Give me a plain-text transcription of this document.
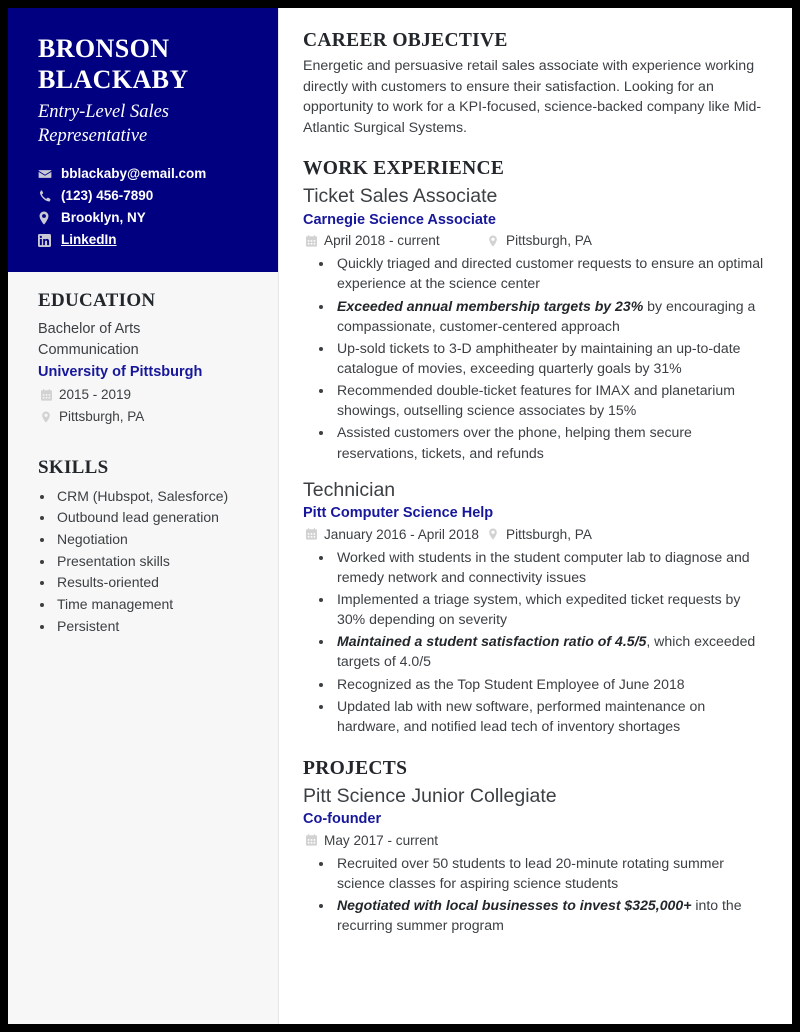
BRONSON
BLACKABY
Entry-Level Sales Representative
bblackaby@email.com
(123) 456-7890
Brooklyn, NY
LinkedIn
EDUCATION
Bachelor of Arts
Communication
University of Pittsburgh
2015 - 2019
Pittsburgh, PA
SKILLS
• CRM (Hubspot, Salesforce)
• Outbound lead generation
• Negotiation
• Presentation skills
• Results-oriented
• Time management
• Persistent
CAREER OBJECTIVE

Energetic and persuasive retail sales associate with experience working directly with customers to ensure their satisfaction. Looking for an opportunity to work for a KPI-focused, science-backed company like Mid-Atlantic Surgical Systems.

WORK EXPERIENCE
Ticket Sales Associate
Carnegie Science Associate
April 2018 - current	Pittsburgh, PA
• Quickly triaged and directed customer requests to ensure an optimal experience at the science center
• Exceeded annual membership targets by 23% by encouraging a compassionate, customer-centered approach
• Up-sold tickets to 3-D amphitheater by maintaining an up-to-date catalogue of movies, exceeding quarterly goals by 31%
• Recommended double-ticket features for IMAX and planetarium showings, outselling science associates by 15%
• Assisted customers over the phone, helping them secure reservations, tickets, and refunds
Technician
Pitt Computer Science Help
January 2016 - April 2018 Pittsburgh, PA
• Worked with students in the student computer lab to diagnose and remedy network and connectivity issues
• Implemented a triage system, which expedited ticket requests by 30% depending on severity
• Maintained a student satisfaction ratio of 4.5/5, which exceeded targets of 4.0/5
• Recognized as the Top Student Employee of June 2018
• Updated lab with new software, performed maintenance on hardware, and notified lead tech of inventory shortages
PROJECTS
Pitt Science Junior Collegiate
Co-founder
May 2017 - current
• Recruited over 50 students to lead 20-minute rotating summer science classes for aspiring science students
• Negotiated with local businesses to invest $325,000+ into the recurring summer program
